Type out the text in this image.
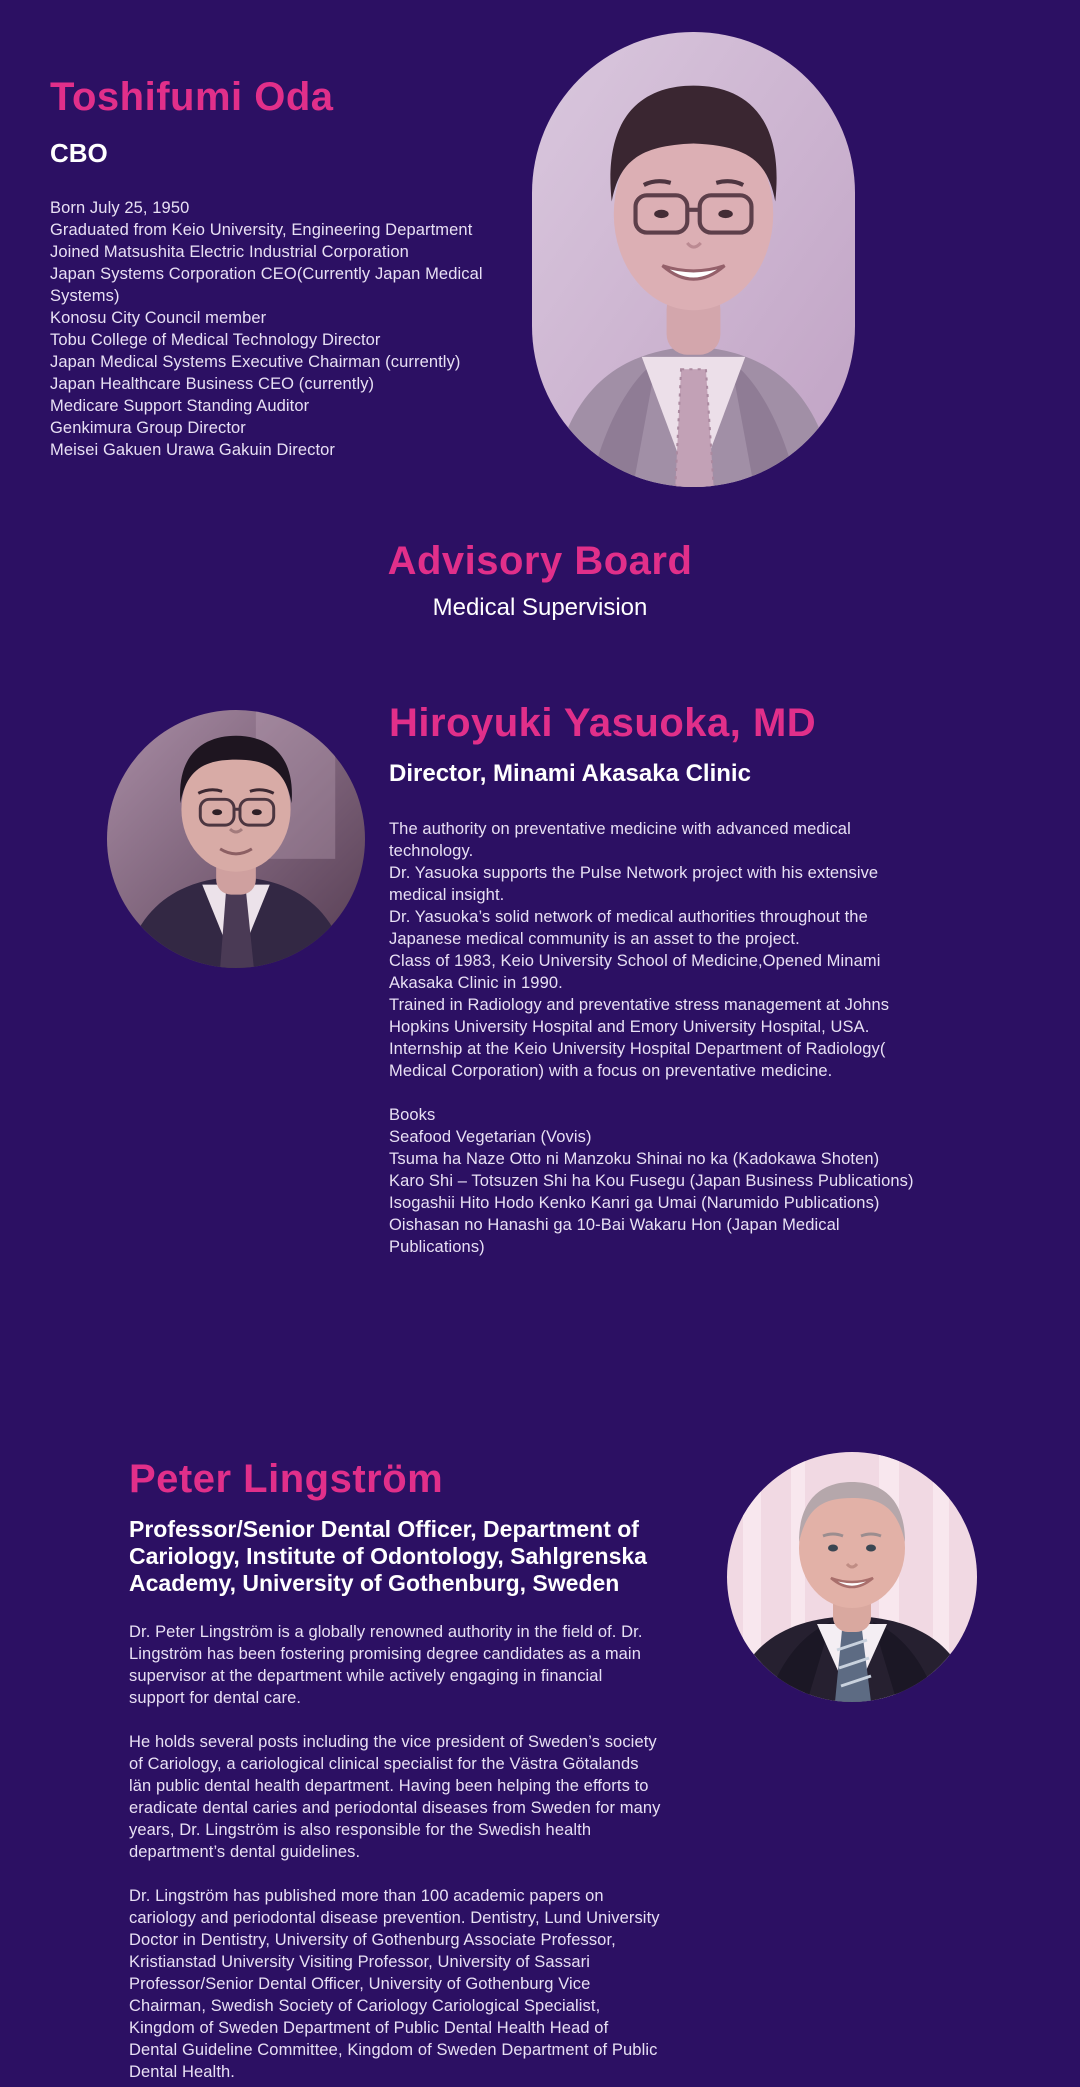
Toshifumi Oda
CBO
Born July 25, 1950
Graduated from Keio University, Engineering Department
Joined Matsushita Electric Industrial Corporation
Japan Systems Corporation CEO(Currently Japan Medical Systems)
Konosu City Council member
Tobu College of Medical Technology Director
Japan Medical Systems Executive Chairman (currently)
Japan Healthcare Business CEO (currently)
Medicare Support Standing Auditor
Genkimura Group Director
Meisei Gakuen Urawa Gakuin Director
Advisory Board
Medical Supervision
Hiroyuki Yasuoka, MD
Director, Minami Akasaka Clinic
The authority on preventative medicine with advanced medical technology.
Dr. Yasuoka supports the Pulse Network project with his extensive medical insight.
Dr. Yasuoka’s solid network of medical authorities throughout the Japanese medical community is an asset to the project.
Class of 1983, Keio University School of Medicine,Opened Minami Akasaka Clinic in 1990.
Trained in Radiology and preventative stress management at Johns Hopkins University Hospital and Emory University Hospital, USA.
Internship at the Keio University Hospital Department of Radiology( Medical Corporation) with a focus on preventative medicine.
Books
Seafood Vegetarian (Vovis)
Tsuma ha Naze Otto ni Manzoku Shinai no ka (Kadokawa Shoten)
Karo Shi – Totsuzen Shi ha Kou Fusegu (Japan Business Publications)
Isogashii Hito Hodo Kenko Kanri ga Umai (Narumido Publications)
Oishasan no Hanashi ga 10-Bai Wakaru Hon (Japan Medical Publications)
Peter Lingström
Professor/Senior Dental Officer, Department of Cariology, Institute of Odontology, Sahlgrenska Academy, University of Gothenburg, Sweden

Dr. Peter Lingström is a globally renowned authority in the field of. Dr. Lingström has been fostering promising degree candidates as a main supervisor at the department while actively engaging in financial support for dental care.

He holds several posts including the vice president of Sweden’s society of Cariology, a cariological clinical specialist for the Västra Götalands län public dental health department. Having been helping the efforts to eradicate dental caries and periodontal diseases from Sweden for many years, Dr. Lingström is also responsible for the Swedish health department’s dental guidelines.

Dr. Lingström has published more than 100 academic papers on cariology and periodontal disease prevention. Dentistry, Lund University Doctor in Dentistry, University of Gothenburg Associate Professor, Kristianstad University Visiting Professor, University of Sassari Professor/Senior Dental Officer, University of Gothenburg Vice Chairman, Swedish Society of Cariology Cariological Specialist, Kingdom of Sweden Department of Public Dental Health Head of Dental Guideline Committee, Kingdom of Sweden Department of Public Dental Health.
